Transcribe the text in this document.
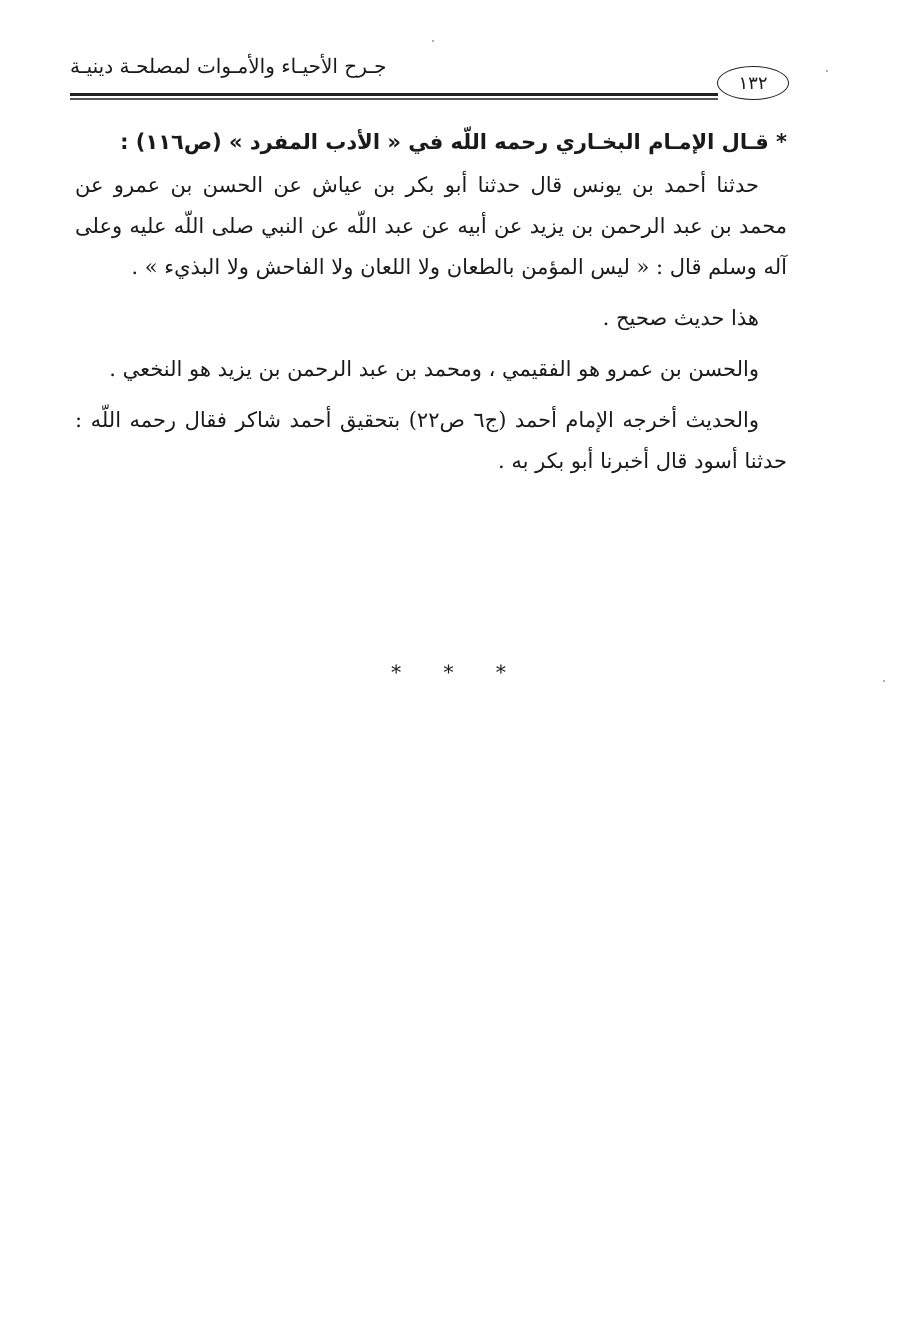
جـرح الأحيـاء والأمـوات لمصلحـة دينيـة
١٣٢

* قـال الإمـام البخـاري رحمه اللّه في « الأدب المفرد » (ص١١٦) :

حدثنا أحمد بن يونس قال حدثنا أبو بكر بن عياش عن الحسن بن عمرو عن محمد بن عبد الرحمن بن يزيد عن أبيه عن عبد اللّه عن النبي صلى اللّه عليه وعلى آله وسلم قال : « ليس المؤمن بالطعان ولا اللعان ولا الفاحش ولا البذيء » .

هذا حديث صحيح .

والحسن بن عمرو هو الفقيمي ، ومحمد بن عبد الرحمن بن يزيد هو النخعي .

والحديث أخرجه الإمام أحمد (ج٦ ص٢٢) بتحقيق أحمد شاكر فقال رحمه اللّه : حدثنا أسود قال أخبرنا أبو بكر به .

* * *
